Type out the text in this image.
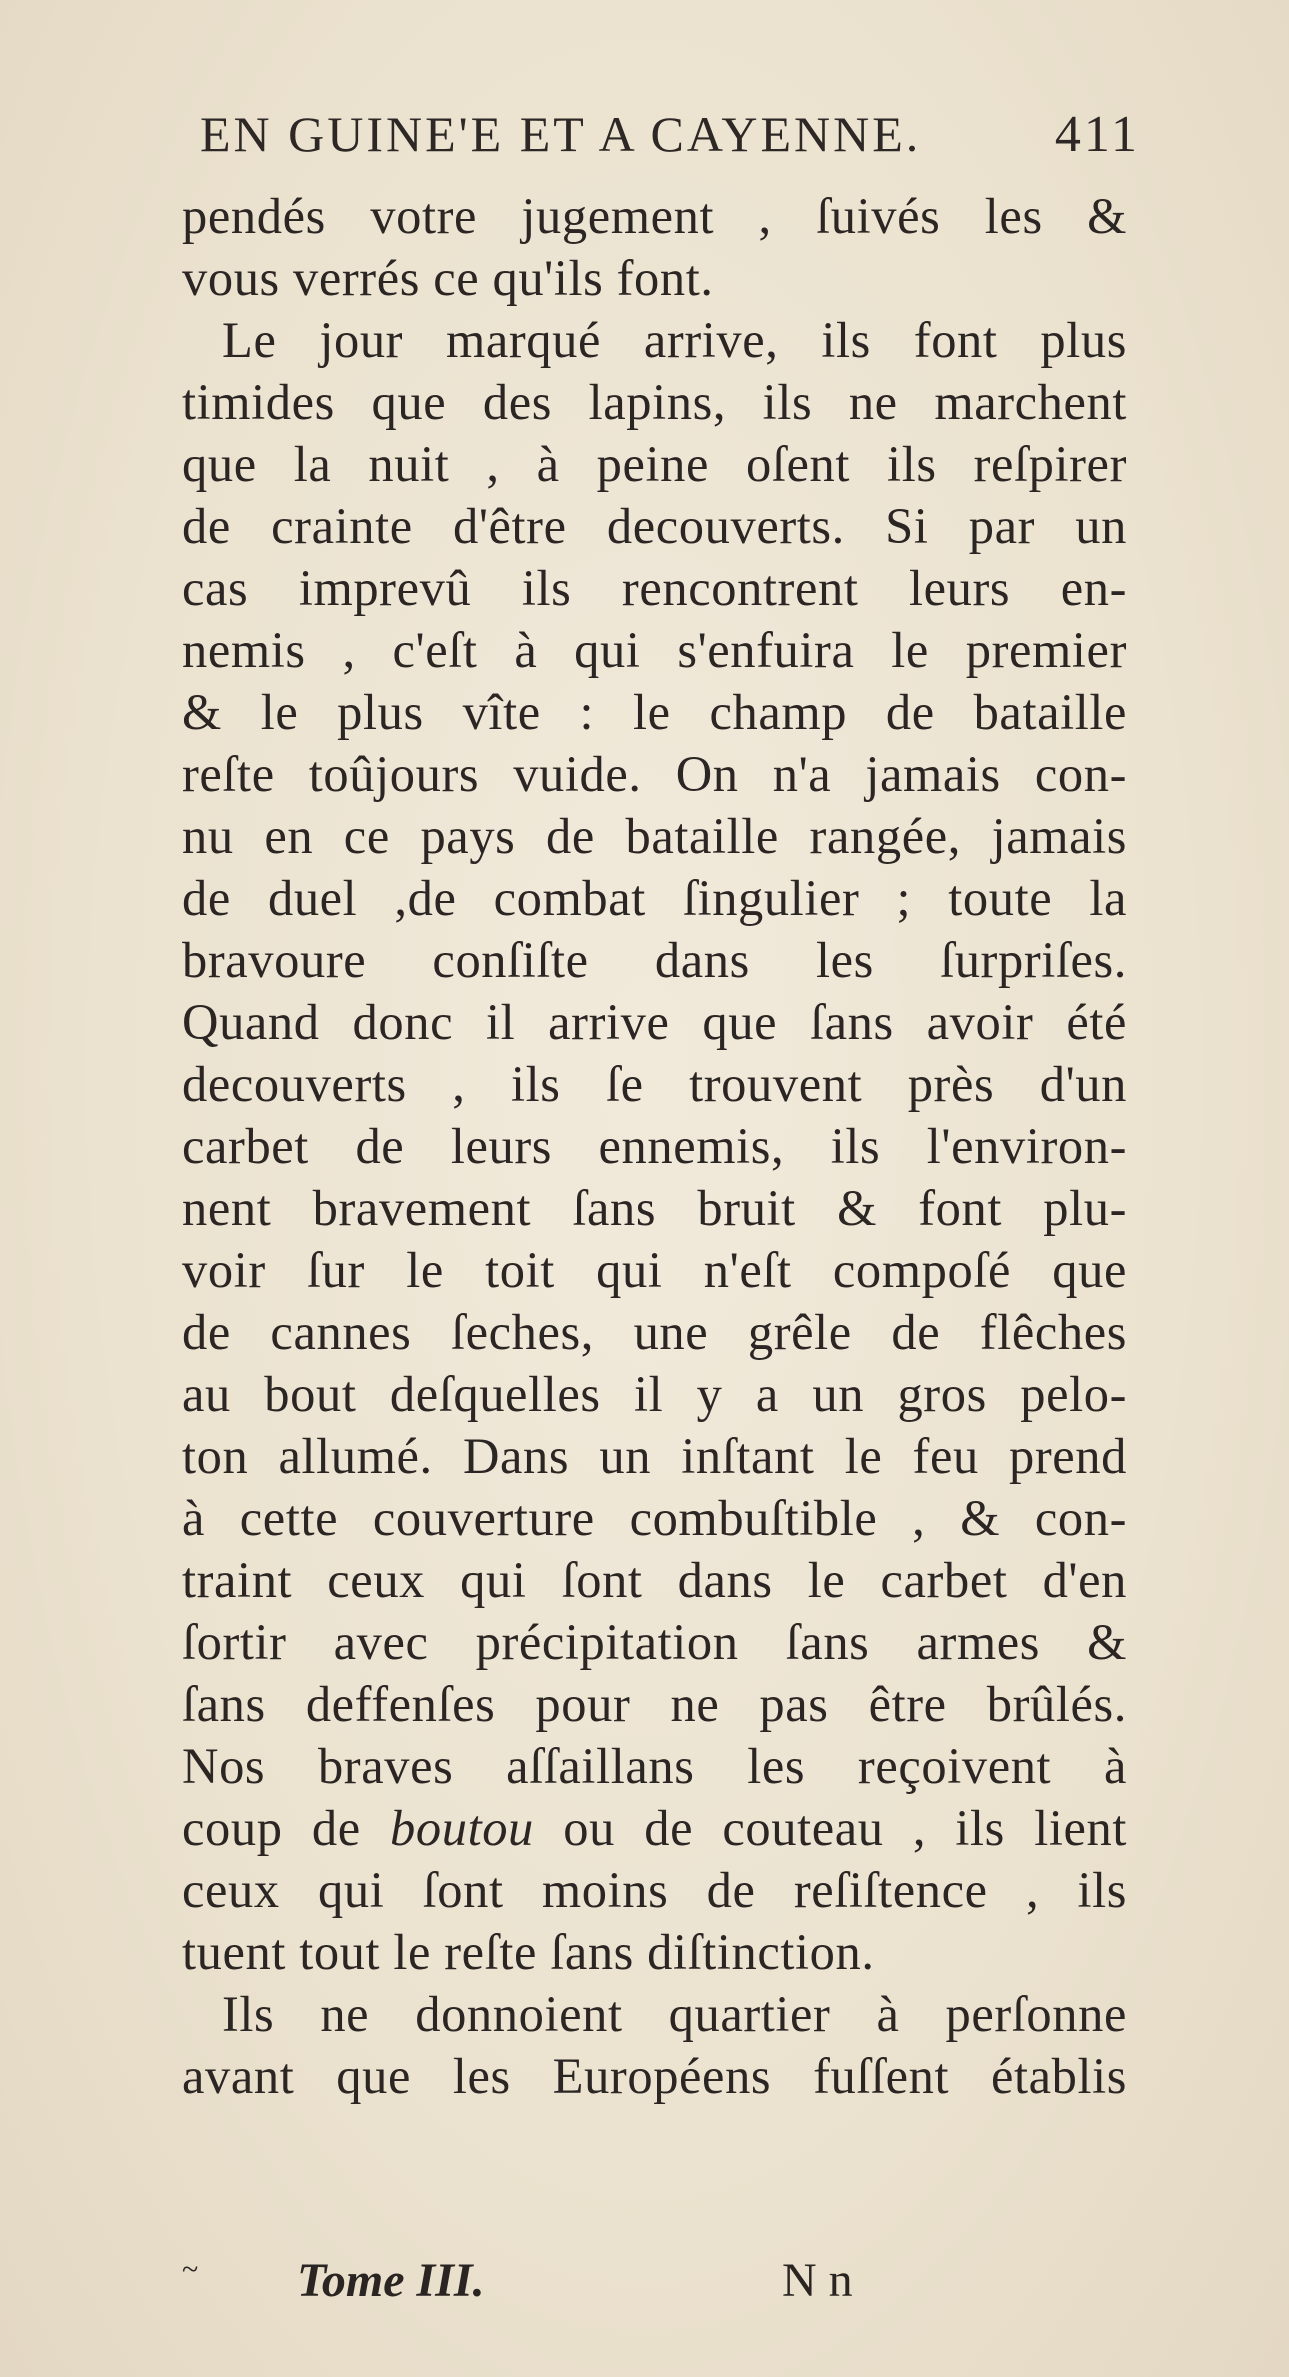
EN GUINE'E ET A CAYENNE.	411
pendés votre jugement , ſuivés les &
vous verrés ce qu'ils font.
Le jour marqué arrive, ils font plus
timides que des lapins, ils ne marchent
que la nuit , à peine oſent ils reſpirer
de crainte d'être decouverts. Si par un
cas imprevû ils rencontrent leurs en-
nemis , c'eſt à qui s'enfuira le premier
& le plus vîte : le champ de bataille
reſte toûjours vuide. On n'a jamais con-
nu en ce pays de bataille rangée, jamais
de duel ,de combat ſingulier ; toute la
bravoure conſiſte dans les ſurpriſes.
Quand donc il arrive que ſans avoir été
decouverts , ils ſe trouvent près d'un
carbet de leurs ennemis, ils l'environ-
nent bravement ſans bruit & font plu-
voir ſur le toit qui n'eſt compoſé que
de cannes ſeches, une grêle de flêches
au bout deſquelles il y a un gros pelo-
ton allumé. Dans un inſtant le feu prend
à cette couverture combuſtible , & con-
traint ceux qui ſont dans le carbet d'en
ſortir avec précipitation ſans armes &
ſans deffenſes pour ne pas être brûlés.
Nos braves aſſaillans les reçoivent à
coup de boutou ou de couteau , ils lient
ceux qui ſont moins de reſiſtence , ils
tuent tout le reſte ſans diſtinction.
Ils ne donnoient quartier à perſonne
avant que les Européens fuſſent établis
~ Tome III.	N n
